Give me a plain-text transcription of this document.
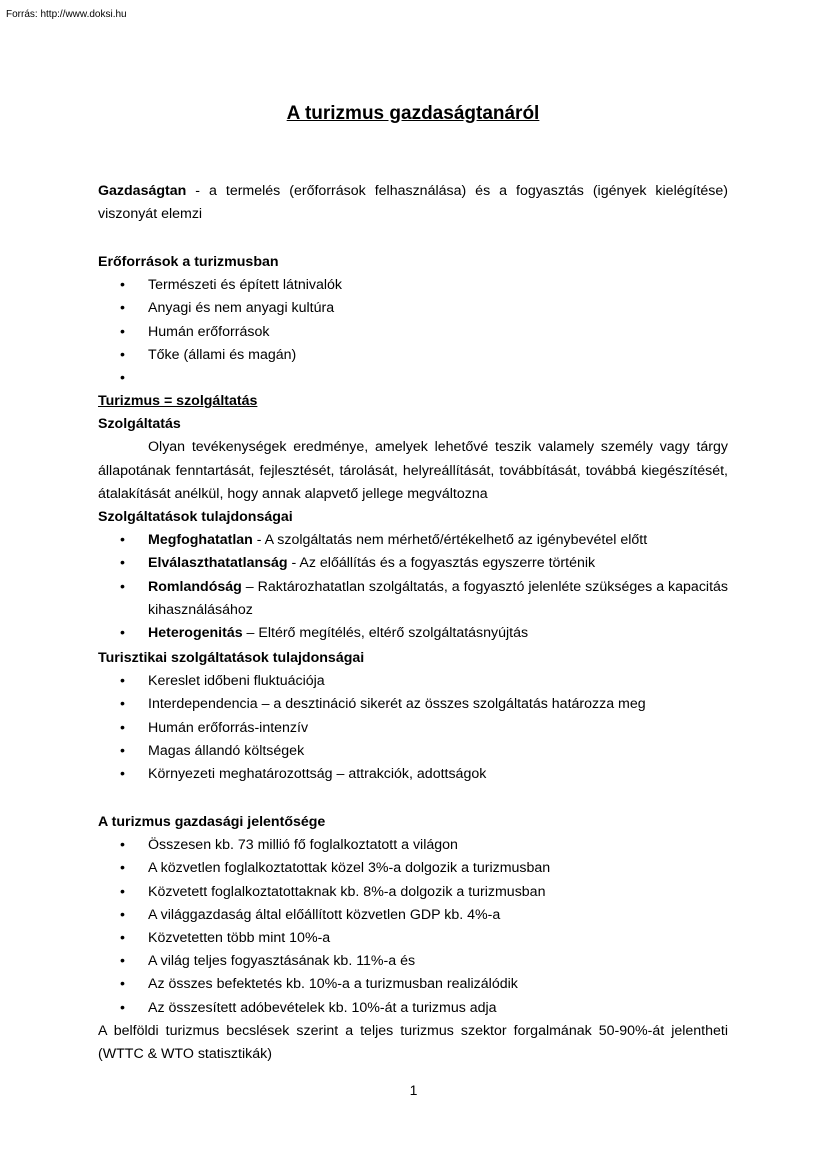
Forrás: http://www.doksi.hu
A turizmus gazdaságtanáról
Gazdaságtan - a termelés (erőforrások felhasználása) és a fogyasztás (igények kielégítése) viszonyát elemzi
Erőforrások a turizmusban
• Természeti és épített látnivalók
• Anyagi és nem anyagi kultúra
• Humán erőforrások
• Tőke (állami és magán)
•

Turizmus = szolgáltatás
Szolgáltatás
Olyan tevékenységek eredménye, amelyek lehetővé teszik valamely személy vagy tárgy állapotának fenntartását, fejlesztését, tárolását, helyreállítását, továbbítását, továbbá kiegészítését, átalakítását anélkül, hogy annak alapvető jellege megváltozna
Szolgáltatások tulajdonságai
• Megfoghatatlan - A szolgáltatás nem mérhető/értékelhető az igénybevétel előtt
• Elválaszthatatlanság - Az előállítás és a fogyasztás egyszerre történik
• Romlandóság – Raktározhatatlan szolgáltatás, a fogyasztó jelenléte szükséges a kapacitás kihasználásához
• Heterogenitás – Eltérő megítélés, eltérő szolgáltatásnyújtás
Turisztikai szolgáltatások tulajdonságai
• Kereslet időbeni fluktuációja
• Interdependencia – a desztináció sikerét az összes szolgáltatás határozza meg
• Humán erőforrás-intenzív
• Magas állandó költségek
• Környezeti meghatározottság – attrakciók, adottságok
A turizmus gazdasági jelentősége
• Összesen kb. 73 millió fő foglalkoztatott a világon
• A közvetlen foglalkoztatottak közel 3%-a dolgozik a turizmusban
• Közvetett foglalkoztatottaknak kb. 8%-a dolgozik a turizmusban
• A világgazdaság által előállított közvetlen GDP kb. 4%-a
• Közvetetten több mint 10%-a
• A világ teljes fogyasztásának kb. 11%-a és
• Az összes befektetés kb. 10%-a a turizmusban realizálódik
• Az összesített adóbevételek kb. 10%-át a turizmus adja
A belföldi turizmus becslések szerint a teljes turizmus szektor forgalmának 50-90%-át jelentheti (WTTC & WTO statisztikák)
1
